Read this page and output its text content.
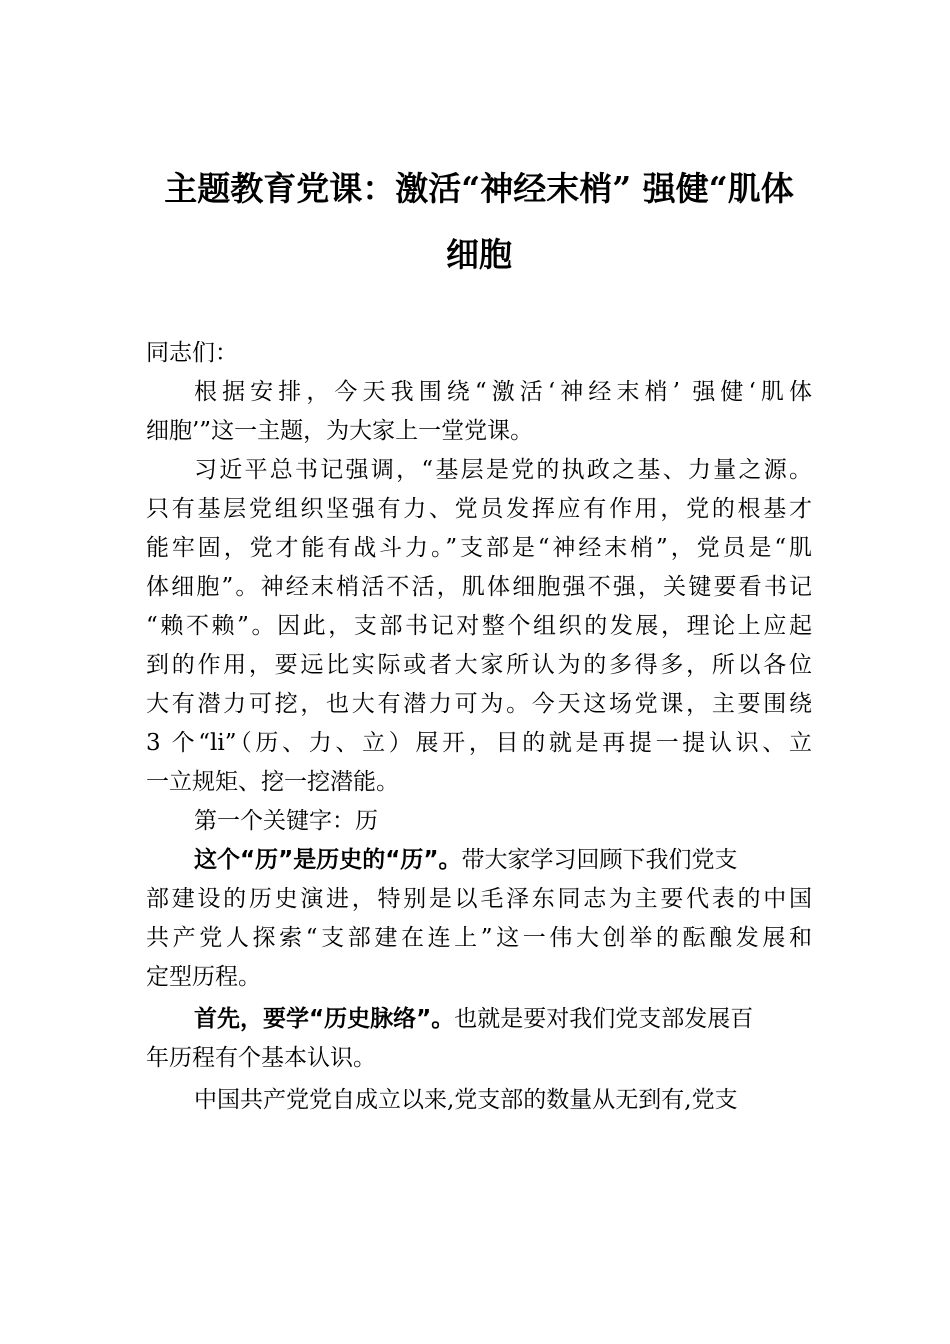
主题教育党课：激活“神经末梢” 强健“肌体
细胞

同志们：

根据安排，今天我围绕“激活‘神经末梢’ 强健‘肌体
细胞’”这一主题，为大家上一堂党课。

习近平总书记强调，“基层是党的执政之基、力量之源。
只有基层党组织坚强有力、党员发挥应有作用，党的根基才
能牢固，党才能有战斗力。”支部是“神经末梢”，党员是“肌
体细胞”。神经末梢活不活，肌体细胞强不强，关键要看书记
“赖不赖”。因此，支部书记对整个组织的发展，理论上应起
到的作用，要远比实际或者大家所认为的多得多，所以各位
大有潜力可挖，也大有潜力可为。今天这场党课，主要围绕
3 个“li”（历、力、立）展开，目的就是再提一提认识、立
一立规矩、挖一挖潜能。

第一个关键字：历

这个“历”是历史的“历”。带大家学习回顾下我们党支
部建设的历史演进，特别是以毛泽东同志为主要代表的中国
共产党人探索“支部建在连上”这一伟大创举的酝酿发展和
定型历程。

首先，要学“历史脉络”。也就是要对我们党支部发展百
年历程有个基本认识。

中国共产党党自成立以来,党支部的数量从无到有,党支
